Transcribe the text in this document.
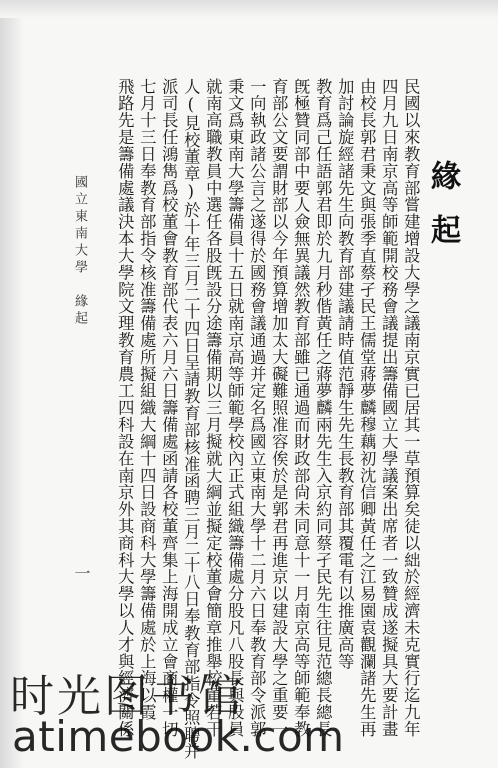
緣起
民國以來教育部嘗建增設大學之議南京實已居其一草預算矣徒以絀於經濟未克實行迄九年
四月九日南京高等師範開校務會議提出籌備國立大學議案出席者一致贊成遂擬具大要計畫
由校長郭君秉文與張季直蔡孑民王儒堂蔣夢麟穆藕初沈信卿黃任之江易園袁觀瀾諸先生再
加討論旋經諸先生向教育部建議請時值范靜生先生長教育部其覆電有以推廣高等
教育爲己任語郭君即於九月秒偕黃任之蔣夢麟兩先生入京約同蔡孑民先生往見范總長總長
旣極贊同部中要人僉無異議然教育部雖已通過而財政部尙未同意十一月南京高等師範奉教
育部公文要謂財部以今年預算增加太大礙難照准容俟於是郭君再進京以建設大學之重要一
一向執政諸公言之遂得於國務會議通過并定名爲國立東南大學十二月六日奉教育部令派郭
秉文爲東南大學籌備員十五日就南京高等師範學校內正式組織籌備處分股凡八股長與股員
就南高職教員中選任各股旣設分途籌備期以三月擬就大綱並擬定校董會簡章推舉校董若干
人(見校董章)於十年三月二十四日呈請教育部核准函聘三月二十八日奉教育部指令照聘并
派司長任鴻雋爲校董會教育部代表六月六日籌備處函請各校董齊集上海開成立會商權一切
七月十三日奉教育部指令核准籌備處所擬組織大綱十四日設商科大學籌備處於上海以霞
飛路先是籌備處議決本大學院文理教育農工四科設在南京外其商科大學以人才與經濟關係
國立東南大學　緣起
一
时光图书馆
atimebook.com
